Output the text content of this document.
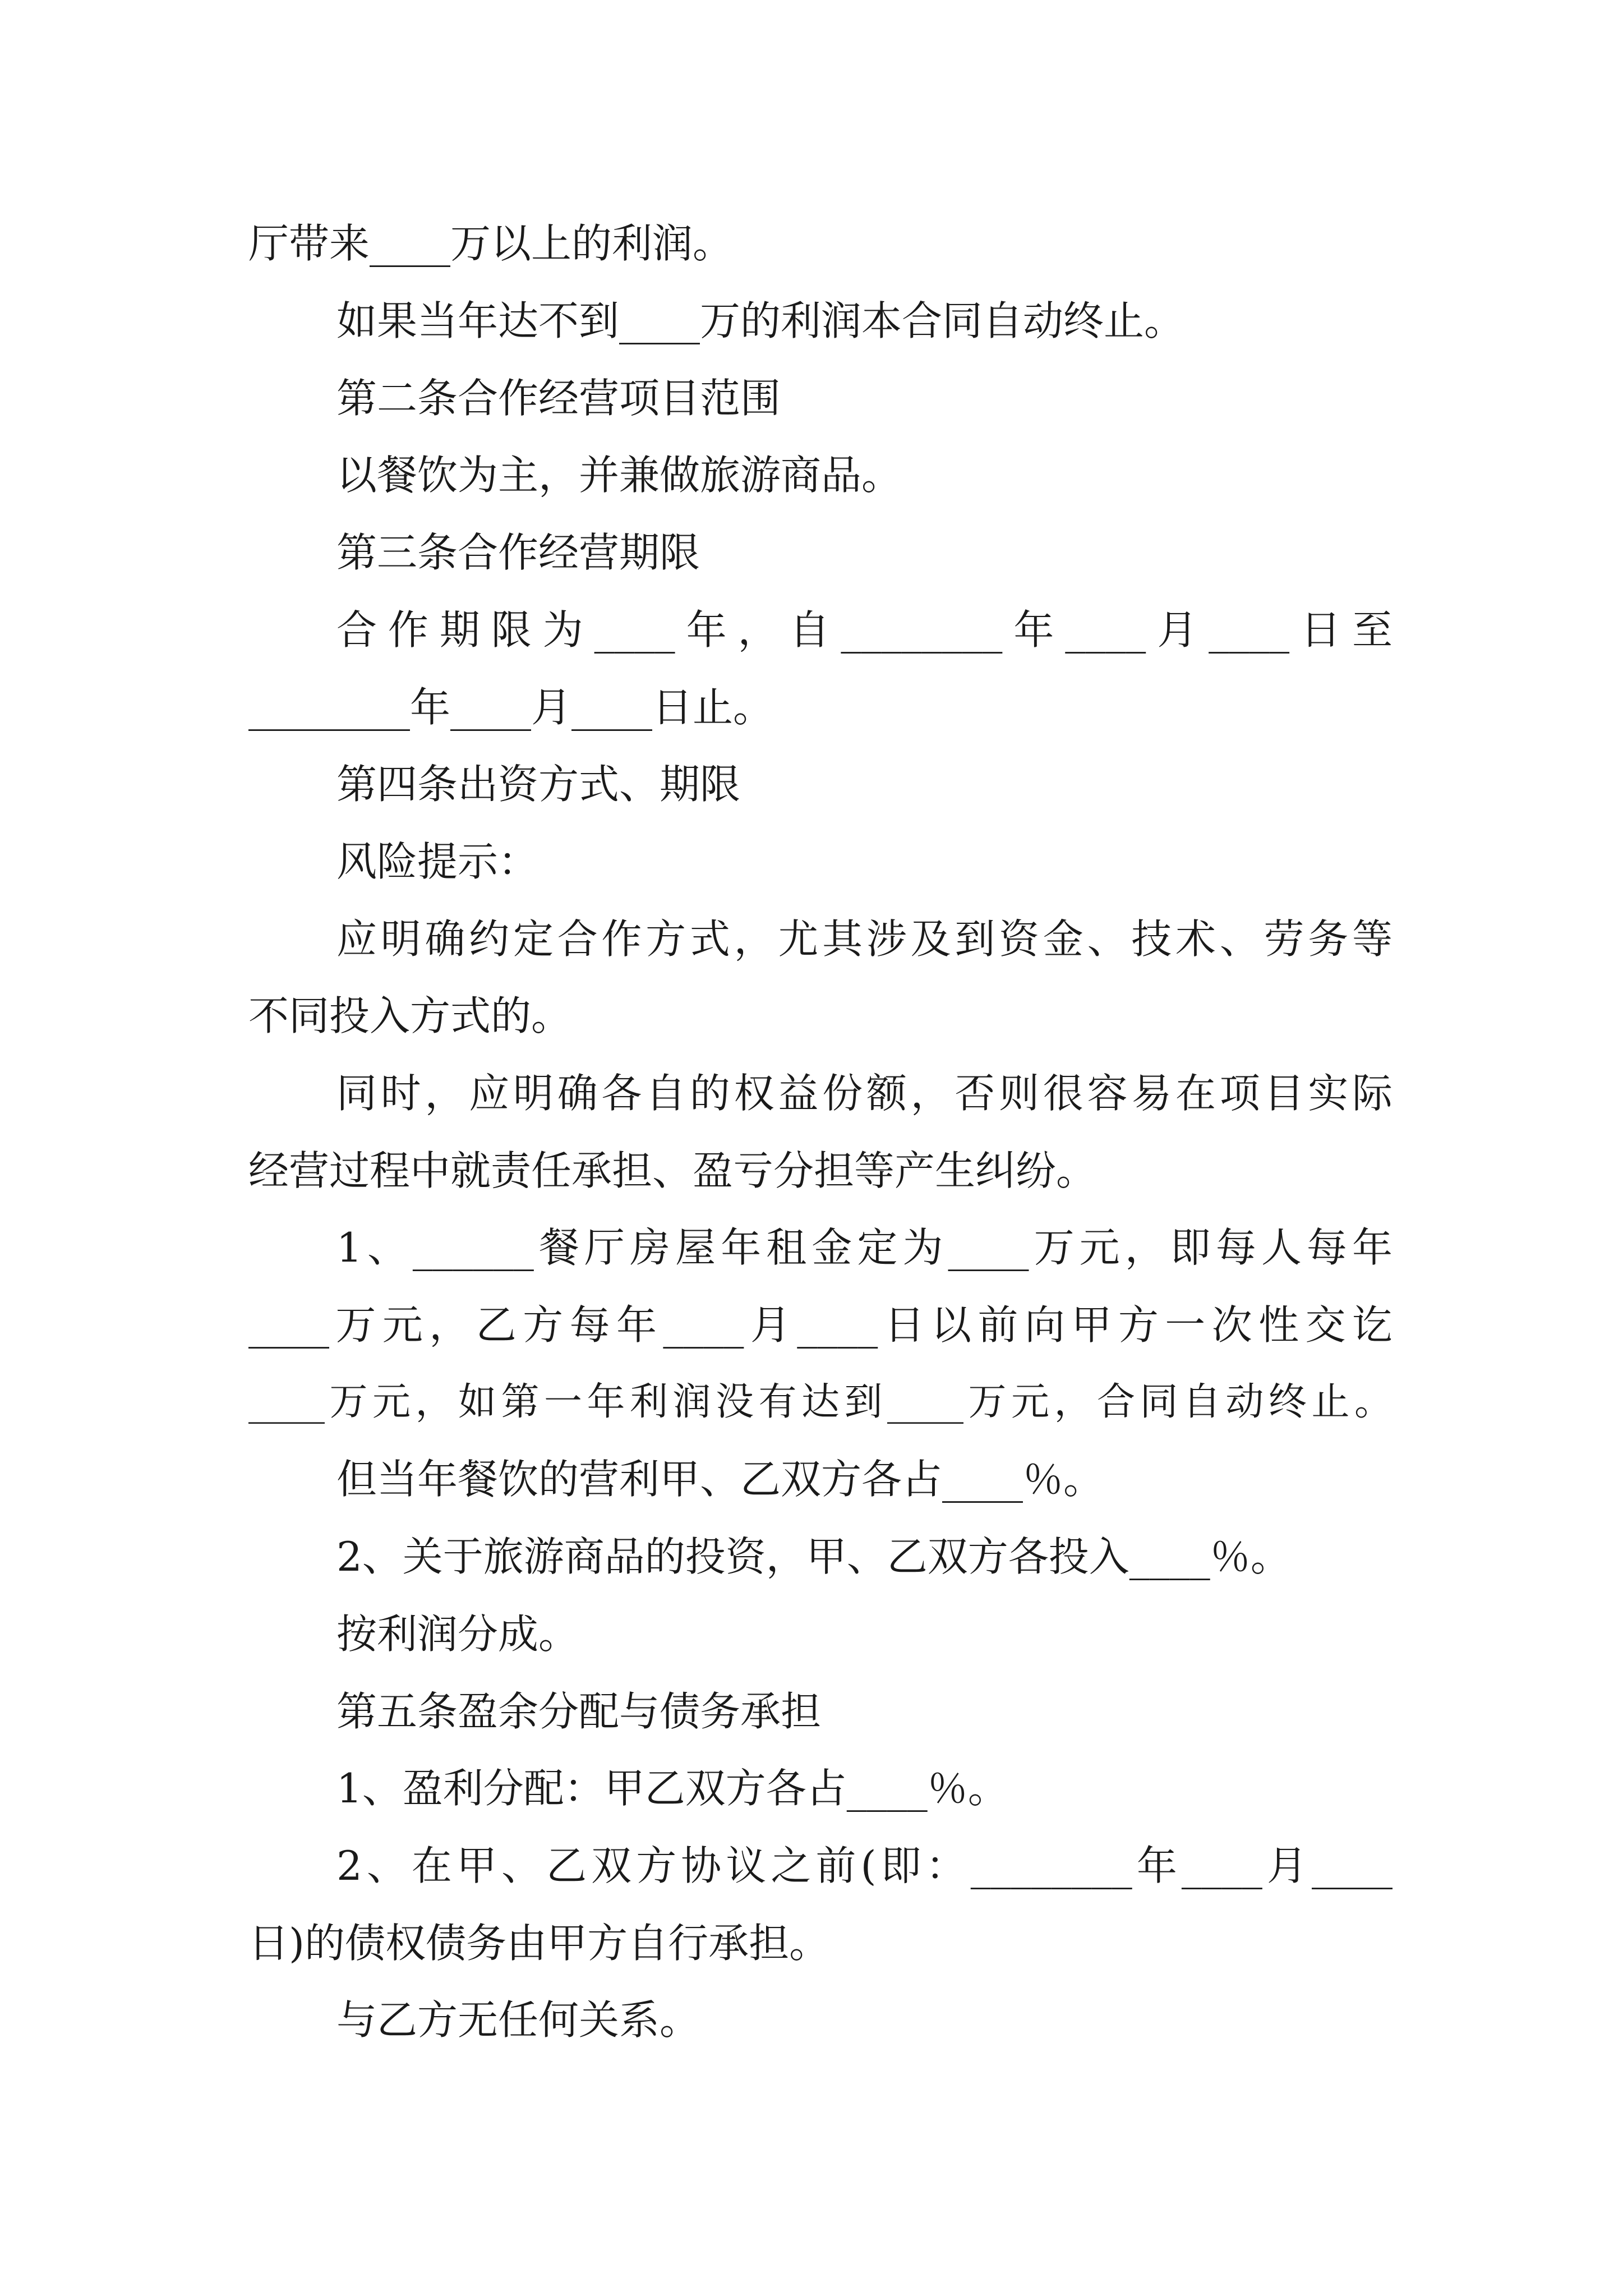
厅带来____万以上的利润。
如果当年达不到____万的利润本合同自动终止。
第二条合作经营项目范围
以餐饮为主，并兼做旅游商品。
第三条合作经营期限
合作期限为____年，自________年____月____日至
________年____月____日止。
第四条出资方式、期限
风险提示：
应明确约定合作方式，尤其涉及到资金、技术、劳务等
不同投入方式的。
同时，应明确各自的权益份额，否则很容易在项目实际
经营过程中就责任承担、盈亏分担等产生纠纷。
1、______餐厅房屋年租金定为____万元，即每人每年
____万元，乙方每年____月____日以前向甲方一次性交讫
____万元，如第一年利润没有达到____万元，合同自动终止。
但当年餐饮的营利甲、乙双方各占____％。
2、关于旅游商品的投资，甲、乙双方各投入____％。
按利润分成。
第五条盈余分配与债务承担
1、盈利分配：甲乙双方各占____％。
2、在甲、乙双方协议之前(即：________年____月____
日)的债权债务由甲方自行承担。
与乙方无任何关系。
